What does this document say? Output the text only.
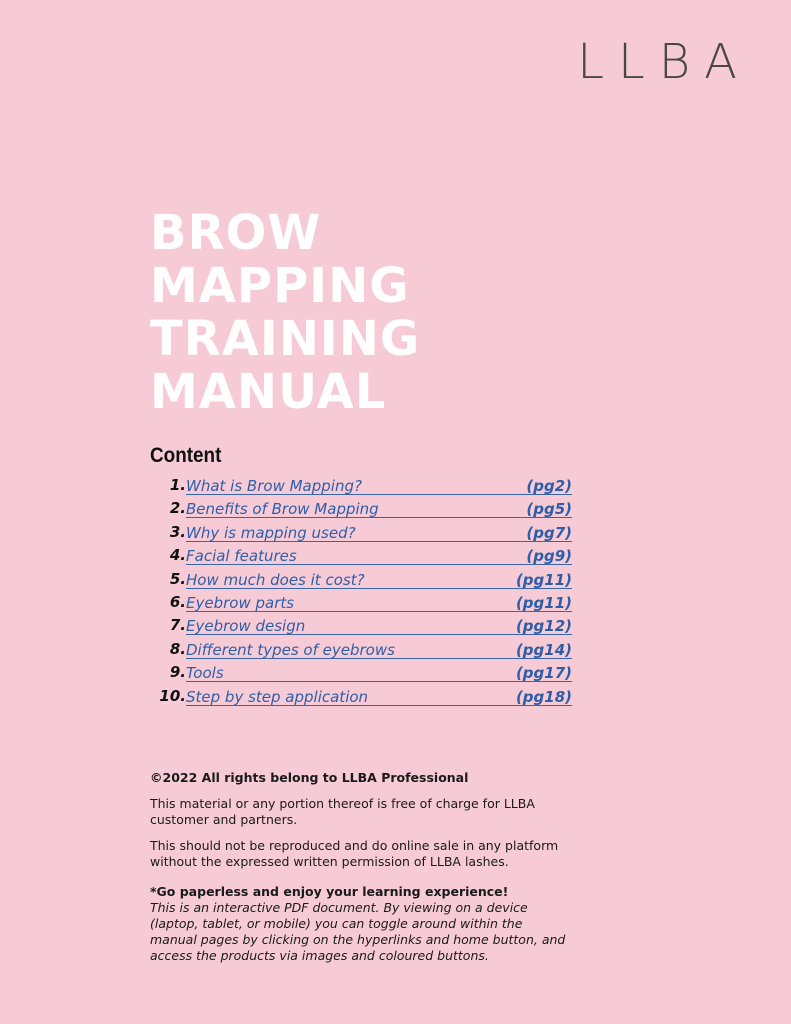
LLBA
BROW
MAPPING
TRAINING
MANUAL
Content
1. What is Brow Mapping?	(pg2)
2. Benefits of Brow Mapping	(pg5)
3. Why is mapping used?	(pg7)
4. Facial features	(pg9)
5. How much does it cost?	(pg11)
6. Eyebrow parts	(pg11)
7. Eyebrow design	(pg12)
8. Different types of eyebrows	(pg14)
9. Tools	(pg17)
10. Step by step application	(pg18)

©2022 All rights belong to LLBA Professional

This material or any portion thereof is free of charge for LLBA customer and partners.

This should not be reproduced and do online sale in any platform without the expressed written permission of LLBA lashes.

*Go paperless and enjoy your learning experience!
This is an interactive PDF document. By viewing on a device (laptop, tablet, or mobile) you can toggle around within the manual pages by clicking on the hyperlinks and home button, and access the products via images and coloured buttons.
